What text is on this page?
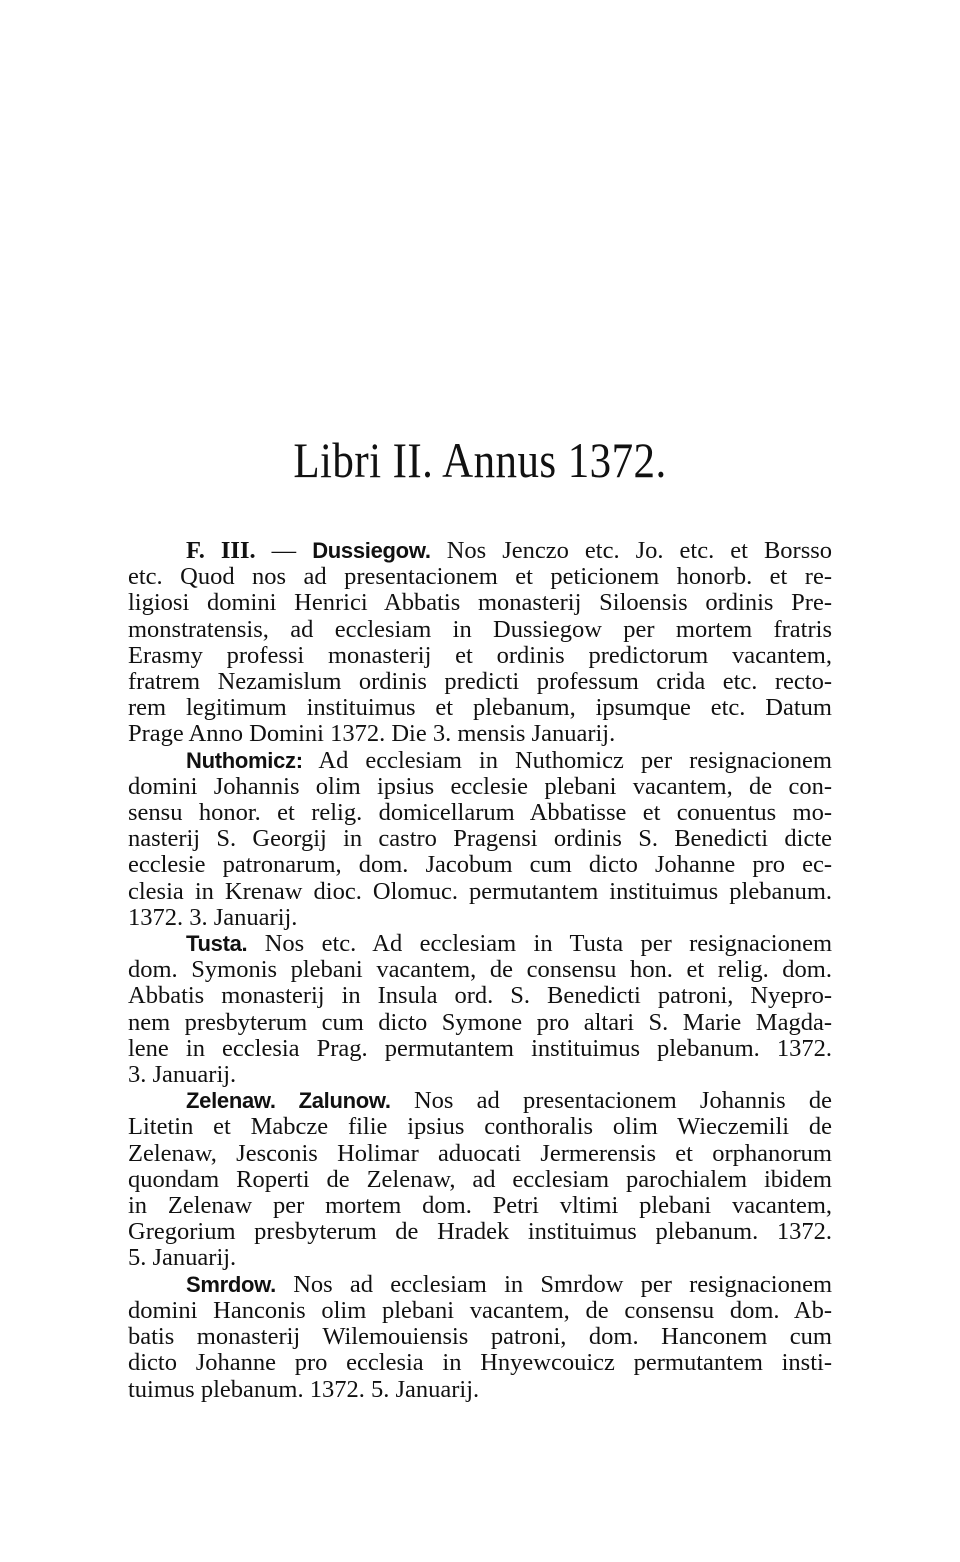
Libri II. Annus 1372.

F. III. — Dussiegow. Nos Jenczo etc. Jo. etc. et Borsso
etc. Quod nos ad presentacionem et peticionem honorb. et re-
ligiosi domini Henrici Abbatis monasterij Siloensis ordinis Pre-
monstratensis, ad ecclesiam in Dussiegow per mortem fratris
Erasmy professi monasterij et ordinis predictorum vacantem,
fratrem Nezamislum ordinis predicti professum crida etc. recto-
rem legitimum instituimus et plebanum, ipsumque etc. Datum
Prage Anno Domini 1372. Die 3. mensis Januarij.

Nuthomicz: Ad ecclesiam in Nuthomicz per resignacionem
domini Johannis olim ipsius ecclesie plebani vacantem, de con-
sensu honor. et relig. domicellarum Abbatisse et conuentus mo-
nasterij S. Georgij in castro Pragensi ordinis S. Benedicti dicte
ecclesie patronarum, dom. Jacobum cum dicto Johanne pro ec-
clesia in Krenaw dioc. Olomuc. permutantem instituimus plebanum.
1372. 3. Januarij.

Tusta. Nos etc. Ad ecclesiam in Tusta per resignacionem
dom. Symonis plebani vacantem, de consensu hon. et relig. dom.
Abbatis monasterij in Insula ord. S. Benedicti patroni, Nyepro-
nem presbyterum cum dicto Symone pro altari S. Marie Magda-
lene in ecclesia Prag. permutantem instituimus plebanum. 1372.
3. Januarij.

Zelenaw. Zalunow. Nos ad presentacionem Johannis de
Litetin et Mabcze filie ipsius conthoralis olim Wieczemili de
Zelenaw, Jesconis Holimar aduocati Jermerensis et orphanorum
quondam Roperti de Zelenaw, ad ecclesiam parochialem ibidem
in Zelenaw per mortem dom. Petri vltimi plebani vacantem,
Gregorium presbyterum de Hradek instituimus plebanum. 1372.
5. Januarij.

Smrdow. Nos ad ecclesiam in Smrdow per resignacionem
domini Hanconis olim plebani vacantem, de consensu dom. Ab-
batis monasterij Wilemouiensis patroni, dom. Hanconem cum
dicto Johanne pro ecclesia in Hnyewcouicz permutantem insti-
tuimus plebanum. 1372. 5. Januarij.
